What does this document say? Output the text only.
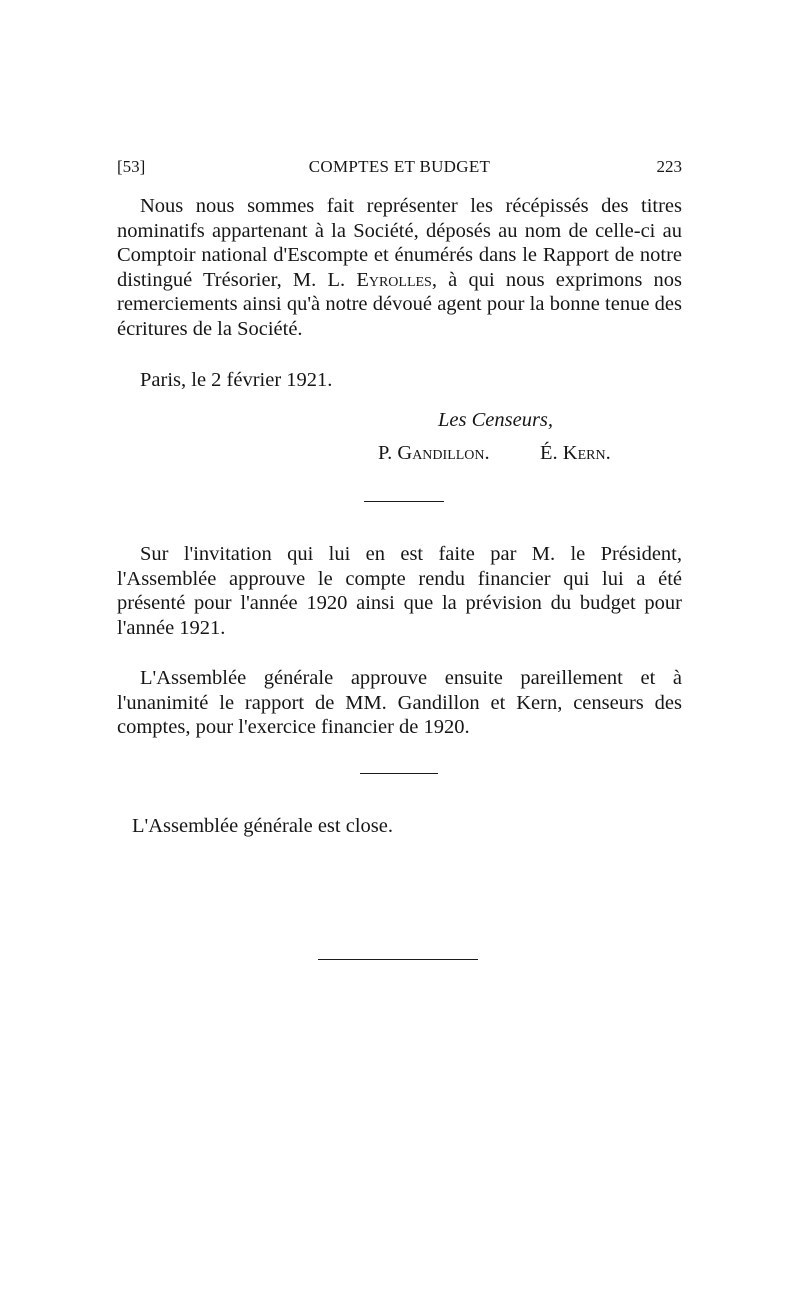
[53]	COMPTES ET BUDGET	223

Nous nous sommes fait représenter les récépissés des titres nominatifs appartenant à la Société, déposés au nom de celle-ci au Comptoir national d'Escompte et énumérés dans le Rapport de notre distingué Trésorier, M. L. Eyrolles, à qui nous exprimons nos remerciements ainsi qu'à notre dévoué agent pour la bonne tenue des écritures de la Société.

Paris, le 2 février 1921.
Les Censeurs,
P. Gandillon. É. Kern.

Sur l'invitation qui lui en est faite par M. le Président, l'Assemblée approuve le compte rendu financier qui lui a été présenté pour l'année 1920 ainsi que la prévision du budget pour l'année 1921.

L'Assemblée générale approuve ensuite pareillement et à l'unanimité le rapport de MM. Gandillon et Kern, censeurs des comptes, pour l'exercice financier de 1920.

L'Assemblée générale est close.
